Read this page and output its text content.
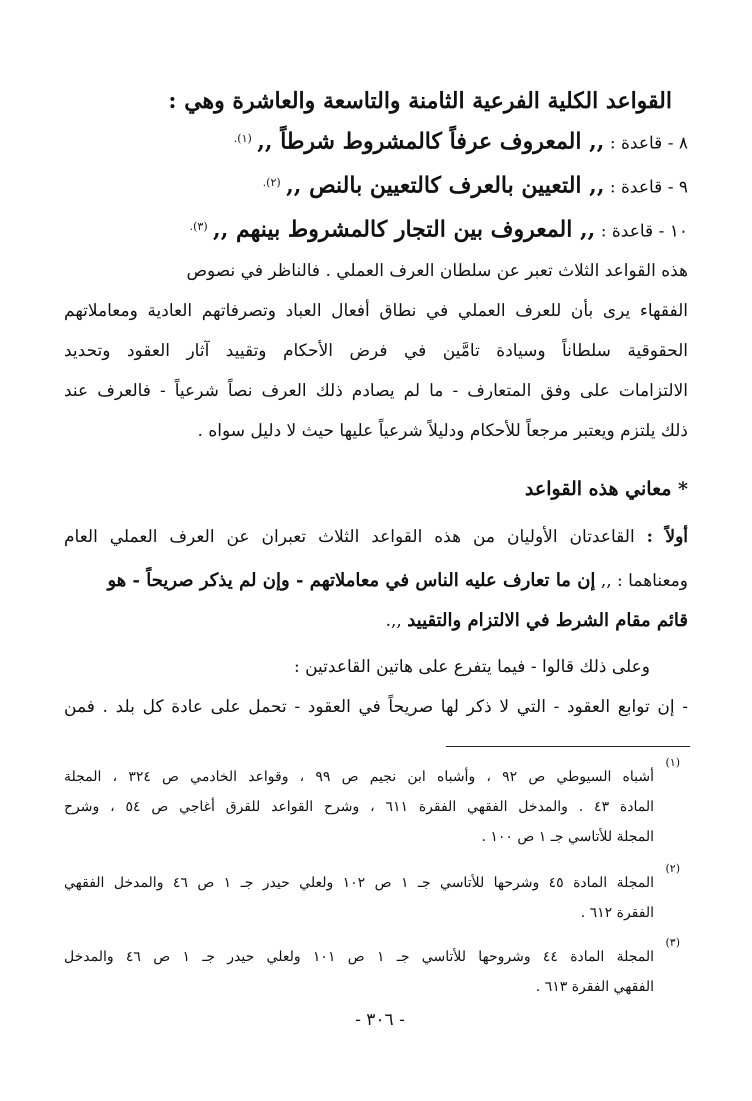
القواعد الكلية الفرعية الثامنة والتاسعة والعاشرة وهي :
٨ - قاعدة : ,, المعروف عرفاً كالمشروط شرطاً ,, $^{(١).}$
٩ - قاعدة : ,, التعيين بالعرف كالتعيين بالنص ,, $^{(٢).}$
١٠ - قاعدة : ,, المعروف بين التجار كالمشروط بينهم ,, $^{(٣).}$
هذه القواعد الثلاث تعبر عن سلطان العرف العملي . فالناظر في نصوص
الفقهاء يرى بأن للعرف العملي في نطاق أفعال العباد وتصرفاتهم العادية ومعاملاتهم
الحقوقية سلطاناً وسيادة تامَّين في فرض الأحكام وتقييد آثار العقود وتحديد
الالتزامات على وفق المتعارف - ما لم يصادم ذلك العرف نصاً شرعياً - فالعرف عند
ذلك يلتزم ويعتبر مرجعاً للأحكام ودليلاً شرعياً عليها حيث لا دليل سواه .
* معاني هذه القواعد
أولاً : القاعدتان الأوليان من هذه القواعد الثلاث تعبران عن العرف العملي العام
ومعناهما : ,, إن ما تعارف عليه الناس في معاملاتهم - وإن لم يذكر صريحاً - هو
قائم مقام الشرط في الالتزام والتقييد ,,.
وعلى ذلك قالوا - فيما يتفرع على هاتين القاعدتين :
- إن توابع العقود - التي لا ذكر لها صريحاً في العقود - تحمل على عادة كل بلد . فمن
(١)
أشباه السيوطي ص ٩٢ ، وأشباه ابن نجيم ص ٩٩ ، وقواعد الخادمي ص ٣٢٤ ، المجلة
المادة ٤٣ . والمدخل الفقهي الفقرة ٦١١ ، وشرح القواعد للقرق أغاجي ص ٥٤ ، وشرح
المجلة للأتاسي جـ ١ ص ١٠٠ .
(٢)
المجلة المادة ٤٥ وشرحها للأتاسي جـ ١ ص ١٠٢ ولعلي حيدر جـ ١ ص ٤٦ والمدخل الفقهي
الفقرة ٦١٢ .
(٣)
المجلة المادة ٤٤ وشروحها للأتاسي جـ ١ ص ١٠١ ولعلي حيدر جـ ١ ص ٤٦ والمدخل
الفقهي الفقرة ٦١٣ .
- ٣٠٦ -
